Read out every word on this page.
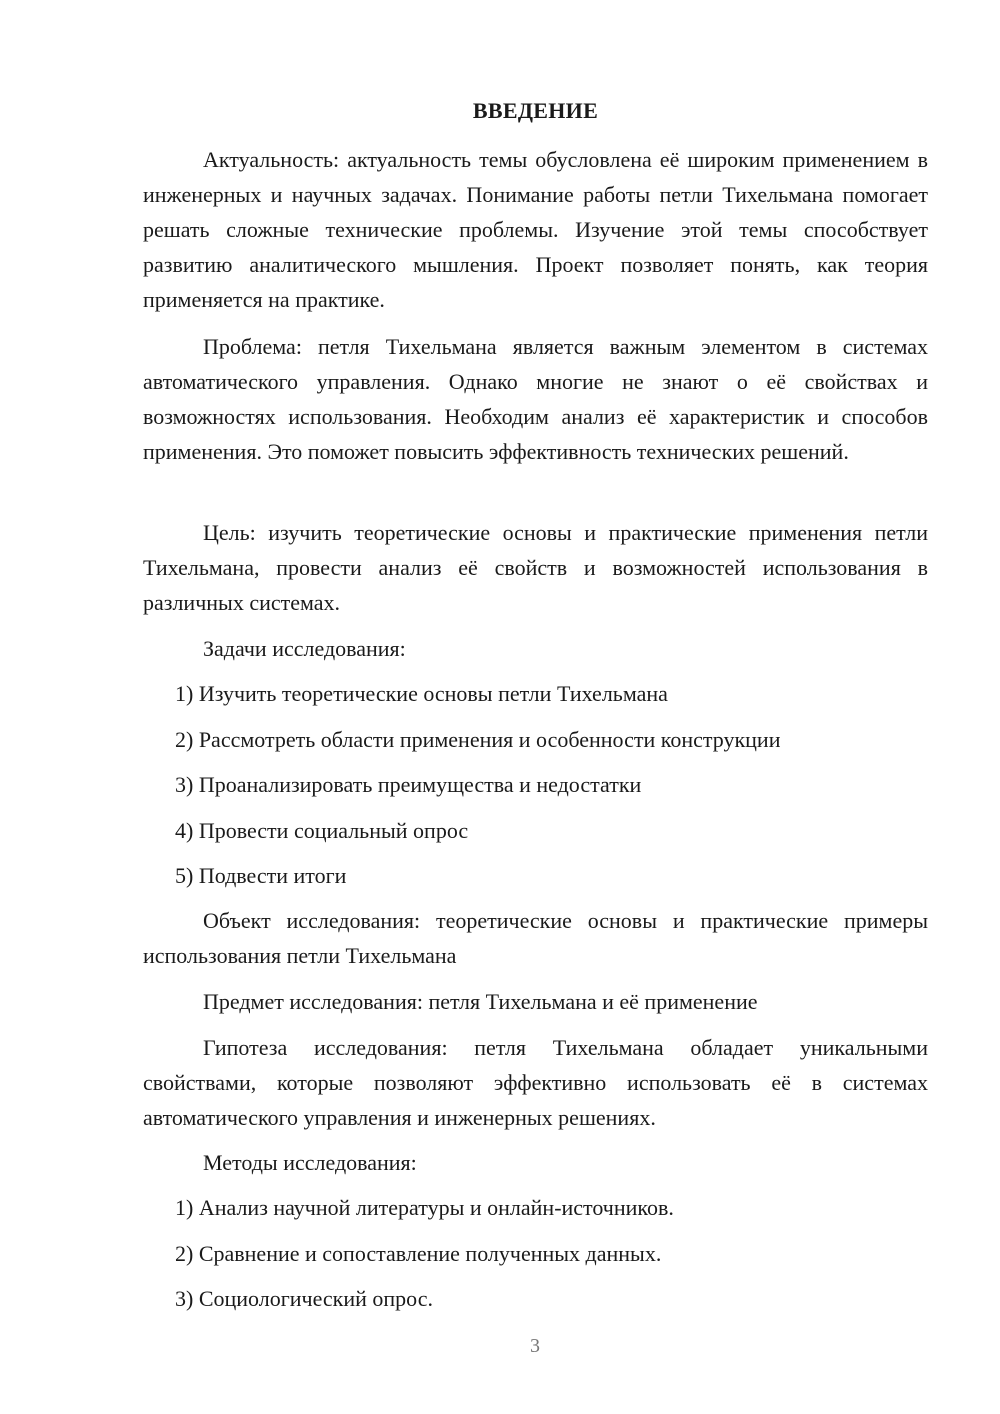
ВВЕДЕНИЕ

Актуальность: актуальность темы обусловлена её широким применением в инженерных и научных задачах. Понимание работы петли Тихельмана помогает решать сложные технические проблемы. Изучение этой темы способствует развитию аналитического мышления. Проект позволяет понять, как теория применяется на практике.

Проблема: петля Тихельмана является важным элементом в системах автоматического управления. Однако многие не знают о её свойствах и возможностях использования. Необходим анализ её характеристик и способов применения. Это поможет повысить эффективность технических решений.

Цель: изучить теоретические основы и практические применения петли Тихельмана, провести анализ её свойств и возможностей использования в различных системах.

Задачи исследования:

1) Изучить теоретические основы петли Тихельмана

2) Рассмотреть области применения и особенности конструкции

3) Проанализировать преимущества и недостатки

4) Провести социальный опрос

5) Подвести итоги

Объект исследования: теоретические основы и практические примеры использования петли Тихельмана

Предмет исследования: петля Тихельмана и её применение

Гипотеза исследования: петля Тихельмана обладает уникальными свойствами, которые позволяют эффективно использовать её в системах автоматического управления и инженерных решениях.

Методы исследования:

1) Анализ научной литературы и онлайн-источников.

2) Сравнение и сопоставление полученных данных.

3) Социологический опрос.

3
